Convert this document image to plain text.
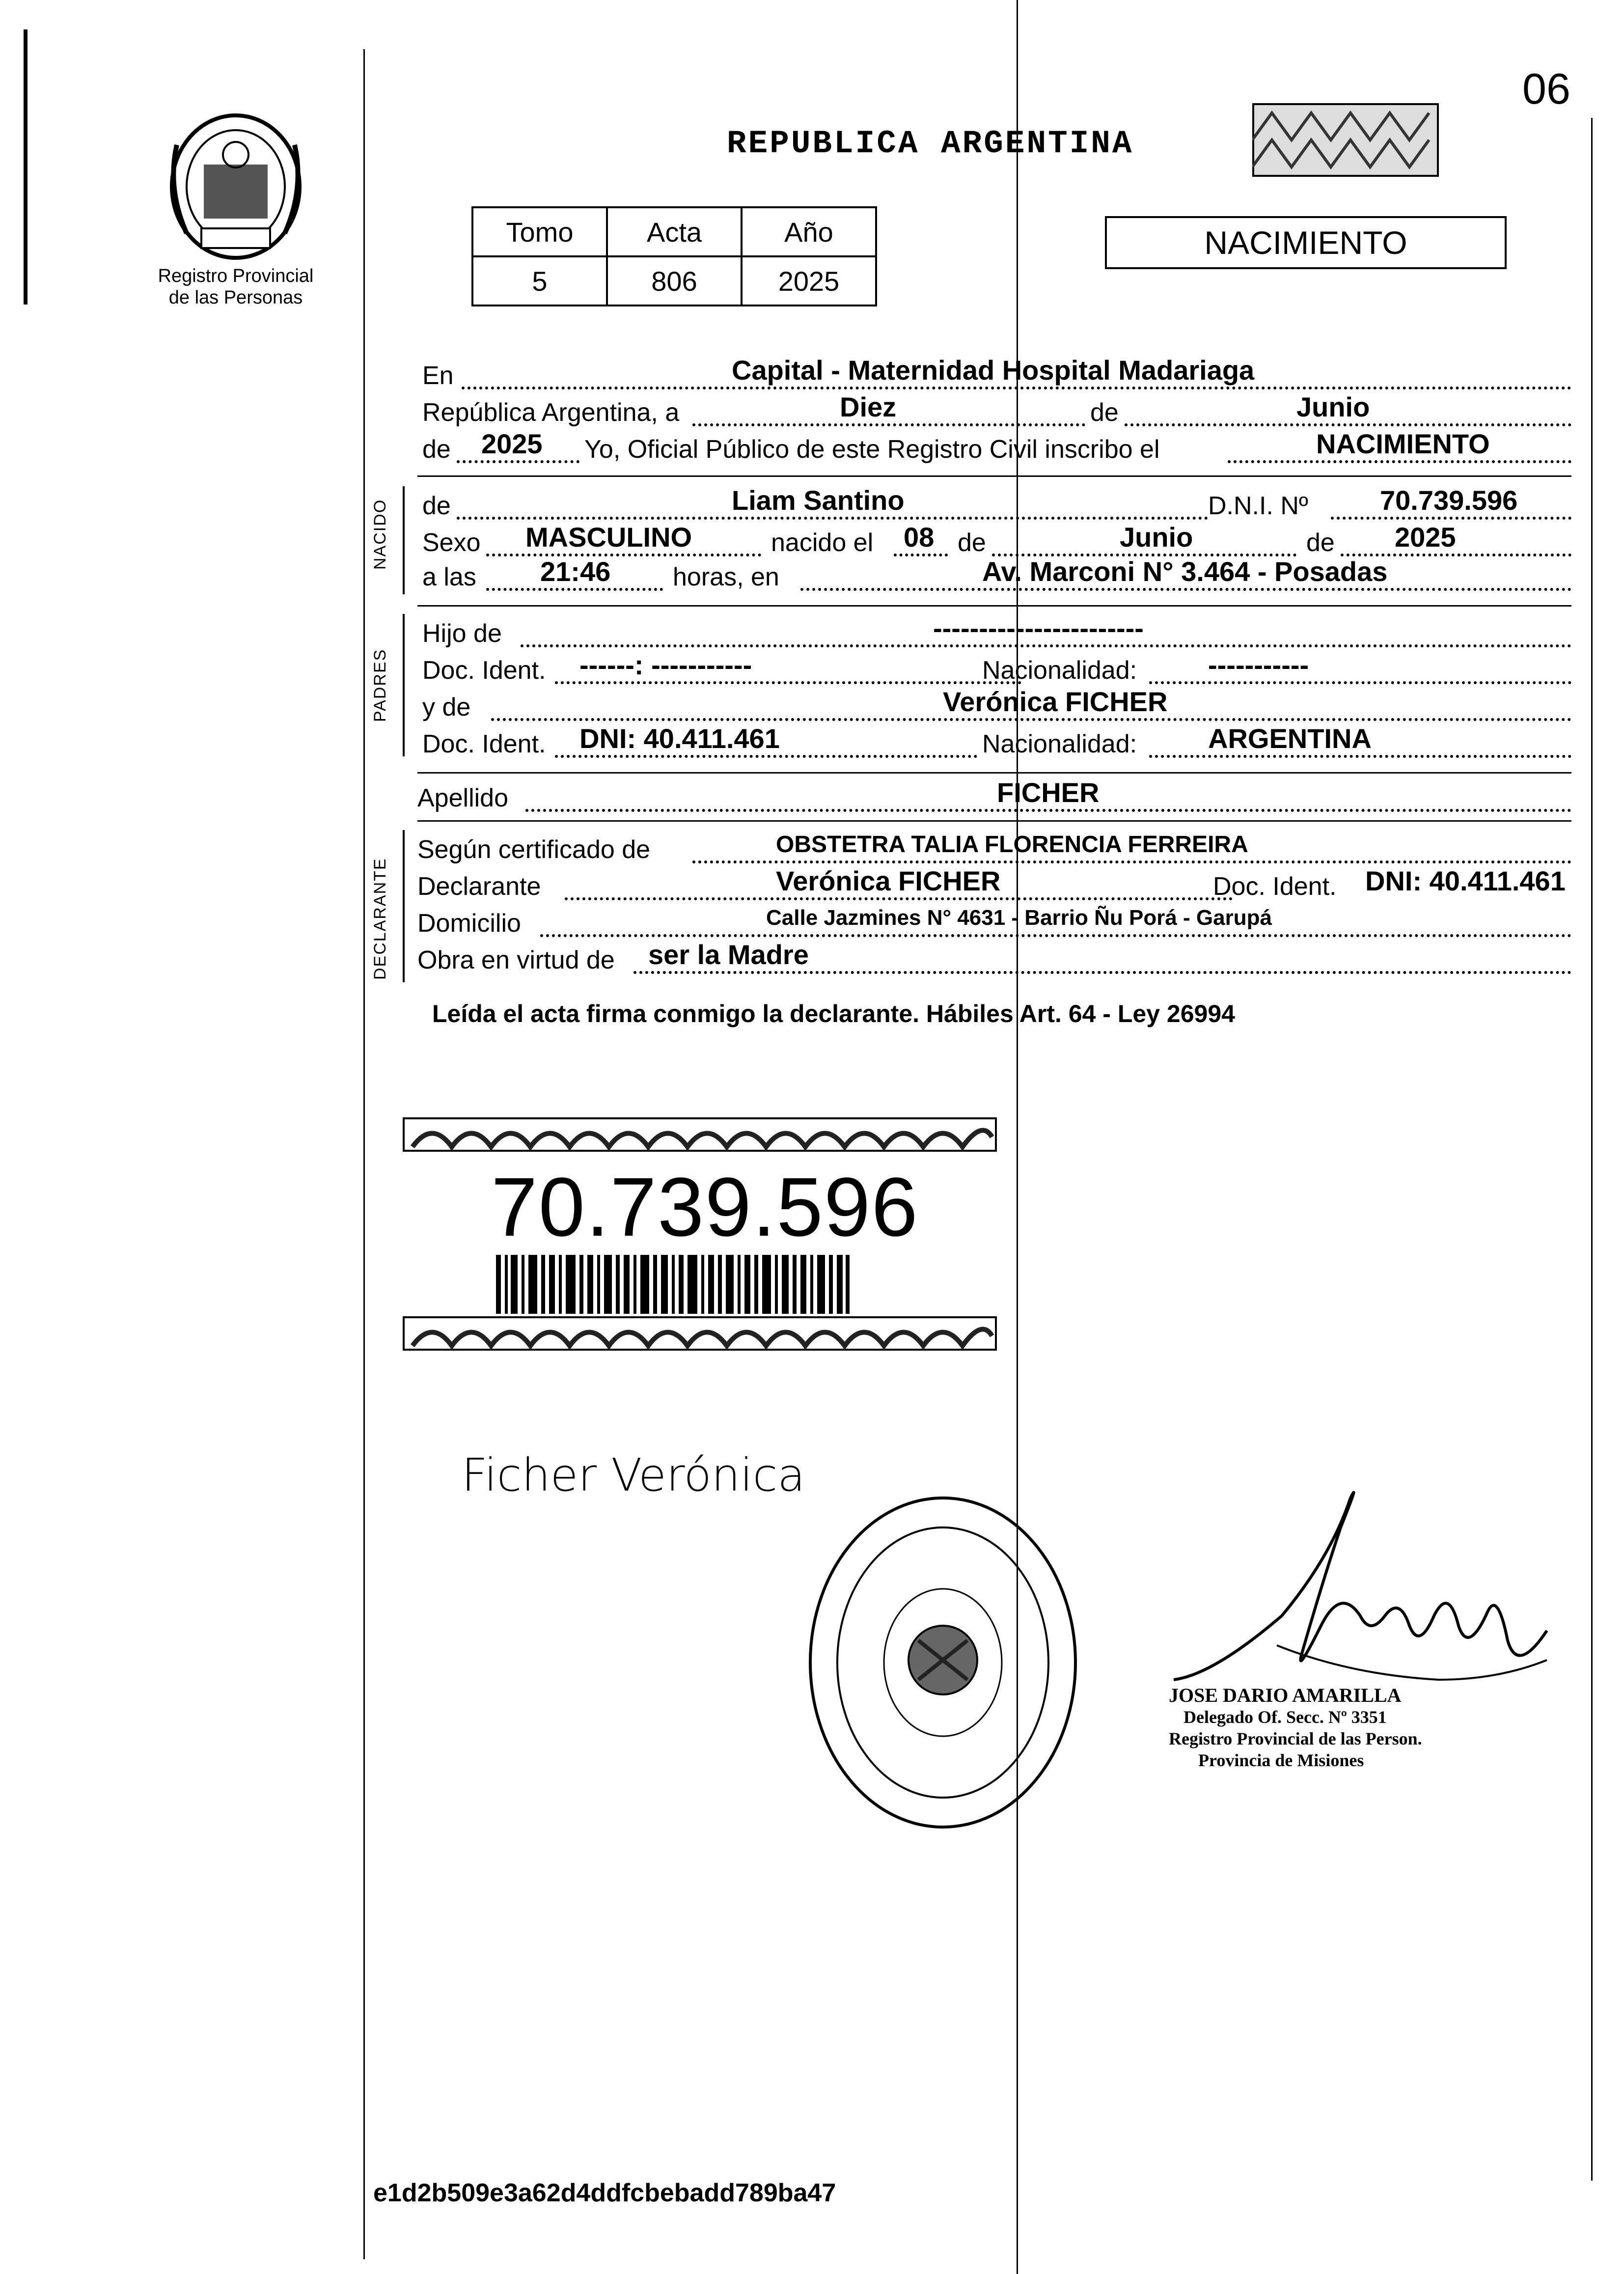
06
Registro Provincial
de las Personas
REPUBLICA ARGENTINA
Tomo	Acta	Año
5	806	2025
NACIMIENTO
NACIDO
PADRES
DECLARANTE
En	Capital - Maternidad Hospital Madariaga
República Argentina, a	Diez	de	Junio
de 2025 Yo, Oficial Público de este Registro Civil inscribo el	NACIMIENTO
de	Liam Santino	D.N.I. Nº	70.739.596
Sexo MASCULINO	nacido el 08 de	Junio	de 2025
a las 21:46 horas, en	Av. Marconi N° 3.464 - Posadas
Hijo de	-----------------------
Doc. Ident. ------: -----------	Nacionalidad:	-----------
y de	Verónica FICHER
Doc. Ident. DNI: 40.411.461	Nacionalidad:	ARGENTINA
Apellido	FICHER
Según certificado de	OBSTETRA TALIA FLORENCIA FERREIRA
Declarante	Verónica FICHER	Doc. Ident. DNI: 40.411.461
Domicilio	Calle Jazmines N° 4631 - Barrio Ñu Porá - Garupá
Obra en virtud de ser la Madre
Leída el acta firma conmigo la declarante. Hábiles Art. 64 - Ley 26994
70.739.596
Ficher Verónica
JOSE DARIO AMARILLA
Delegado Of. Secc. Nº 3351
Registro Provincial de las Person.
Provincia de Misiones
e1d2b509e3a62d4ddfcbebadd789ba47
